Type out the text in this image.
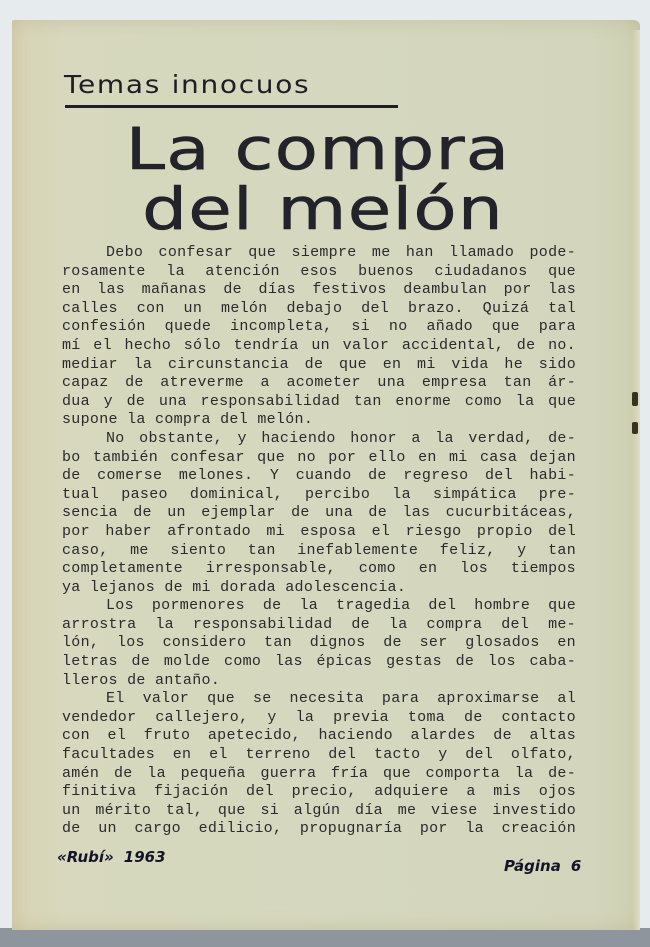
Temas innocuos
La compra
del melón
Debo confesar que siempre me han llamado pode-
rosamente la atención esos buenos ciudadanos que
en las mañanas de días festivos deambulan por las
calles con un melón debajo del brazo. Quizá tal
confesión quede incompleta, si no añado que para
mí el hecho sólo tendría un valor accidental, de no.
mediar la circunstancia de que en mi vida he sido
capaz de atreverme a acometer una empresa tan ár-
dua y de una responsabilidad tan enorme como la que
supone la compra del melón.
No obstante, y haciendo honor a la verdad, de-
bo también confesar que no por ello en mi casa dejan
de comerse melones. Y cuando de regreso del habi-
tual paseo dominical, percibo la simpática pre-
sencia de un ejemplar de una de las cucurbitáceas,
por haber afrontado mi esposa el riesgo propio del
caso, me siento tan inefablemente feliz, y tan
completamente irresponsable, como en los tiempos
ya lejanos de mi dorada adolescencia.
Los pormenores de la tragedia del hombre que
arrostra la responsabilidad de la compra del me-
lón, los considero tan dignos de ser glosados en
letras de molde como las épicas gestas de los caba-
lleros de antaño.
El valor que se necesita para aproximarse al
vendedor callejero, y la previa toma de contacto
con el fruto apetecido, haciendo alardes de altas
facultades en el terreno del tacto y del olfato,
amén de la pequeña guerra fría que comporta la de-
finitiva fijación del precio, adquiere a mis ojos
un mérito tal, que si algún día me viese investido
de un cargo edilicio, propugnaría por la creación
«Rubí» 1963	Página 6
